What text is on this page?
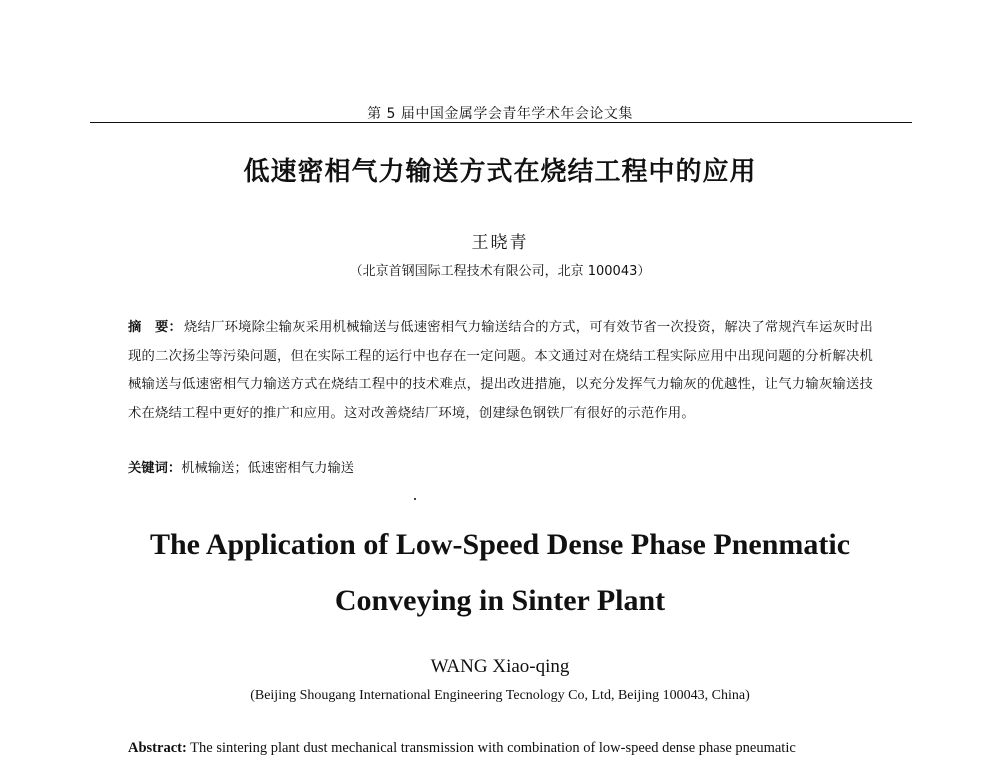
第 5 届中国金属学会青年学术年会论文集
低速密相气力输送方式在烧结工程中的应用
王晓青
（北京首钢国际工程技术有限公司，北京 100043）
摘　要： 烧结厂环境除尘输灰采用机械输送与低速密相气力输送结合的方式，可有效节省一次投资，解决了常规汽车运灰时出现的二次扬尘等污染问题，但在实际工程的运行中也存在一定问题。本文通过对在烧结工程实际应用中出现问题的分析解决机械输送与低速密相气力输送方式在烧结工程中的技术难点，提出改进措施，以充分发挥气力输灰的优越性，让气力输灰输送技术在烧结工程中更好的推广和应用。这对改善烧结厂环境，创建绿色钢铁厂有很好的示范作用。
关键词：机械输送；低速密相气力输送
The Application of Low-Speed Dense Phase Pnenmatic
Conveying in Sinter Plant
WANG Xiao-qing
(Beijing Shougang International Engineering Tecnology Co, Ltd, Beijing 100043, China)
Abstract: The sintering plant dust mechanical transmission with combination of low-speed dense phase pneumatic
